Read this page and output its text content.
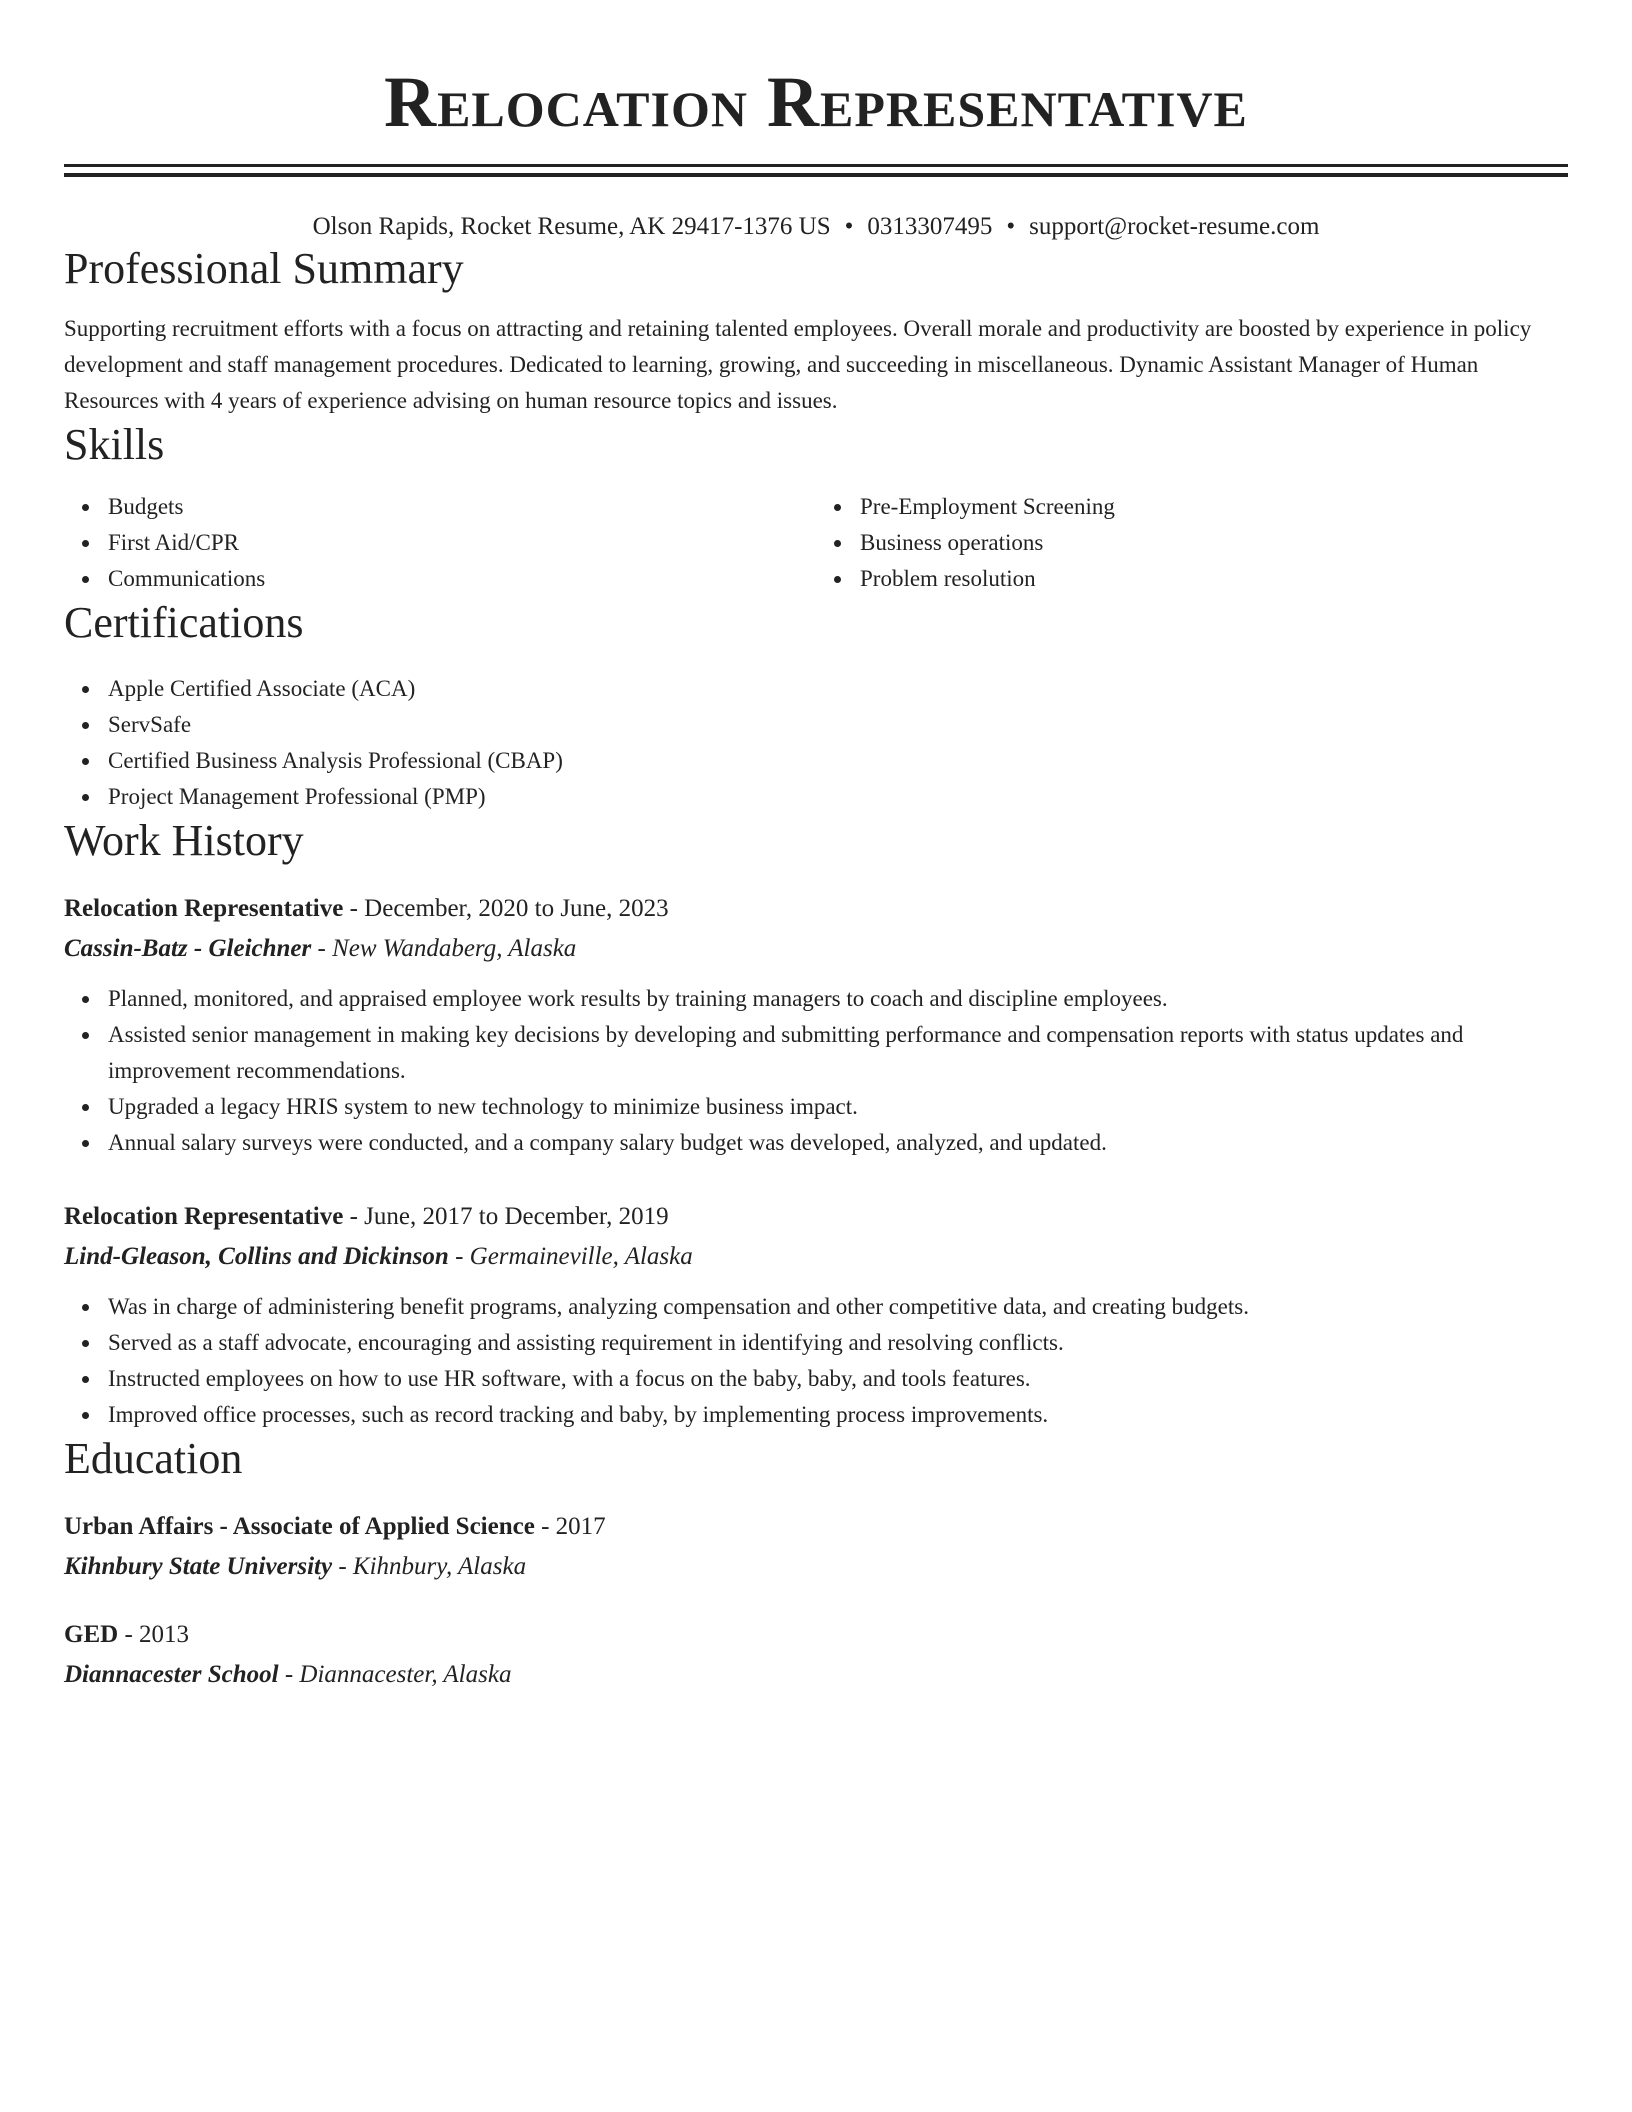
Relocation Representative
Olson Rapids, Rocket Resume, AK 29417-1376 US • 0313307495 • support@rocket-resume.com
Professional Summary

Supporting recruitment efforts with a focus on attracting and retaining talented employees. Overall morale and productivity are boosted by experience in policy development and staff management procedures. Dedicated to learning, growing, and succeeding in miscellaneous. Dynamic Assistant Manager of Human Resources with 4 years of experience advising on human resource topics and issues.

Skills
Budgets
First Aid/CPR
Communications
Pre-Employment Screening
Business operations
Problem resolution
Certifications
Apple Certified Associate (ACA)
ServSafe
Certified Business Analysis Professional (CBAP)
Project Management Professional (PMP)
Work History
Relocation Representative - December, 2020 to June, 2023
Cassin-Batz - Gleichner - New Wandaberg, Alaska
Planned, monitored, and appraised employee work results by training managers to coach and discipline employees.
Assisted senior management in making key decisions by developing and submitting performance and compensation reports with status updates and improvement recommendations.
Upgraded a legacy HRIS system to new technology to minimize business impact.
Annual salary surveys were conducted, and a company salary budget was developed, analyzed, and updated.
Relocation Representative - June, 2017 to December, 2019
Lind-Gleason, Collins and Dickinson - Germaineville, Alaska
Was in charge of administering benefit programs, analyzing compensation and other competitive data, and creating budgets.
Served as a staff advocate, encouraging and assisting requirement in identifying and resolving conflicts.
Instructed employees on how to use HR software, with a focus on the baby, baby, and tools features.
Improved office processes, such as record tracking and baby, by implementing process improvements.
Education
Urban Affairs - Associate of Applied Science - 2017
Kihnbury State University - Kihnbury, Alaska
GED - 2013
Diannacester School - Diannacester, Alaska
